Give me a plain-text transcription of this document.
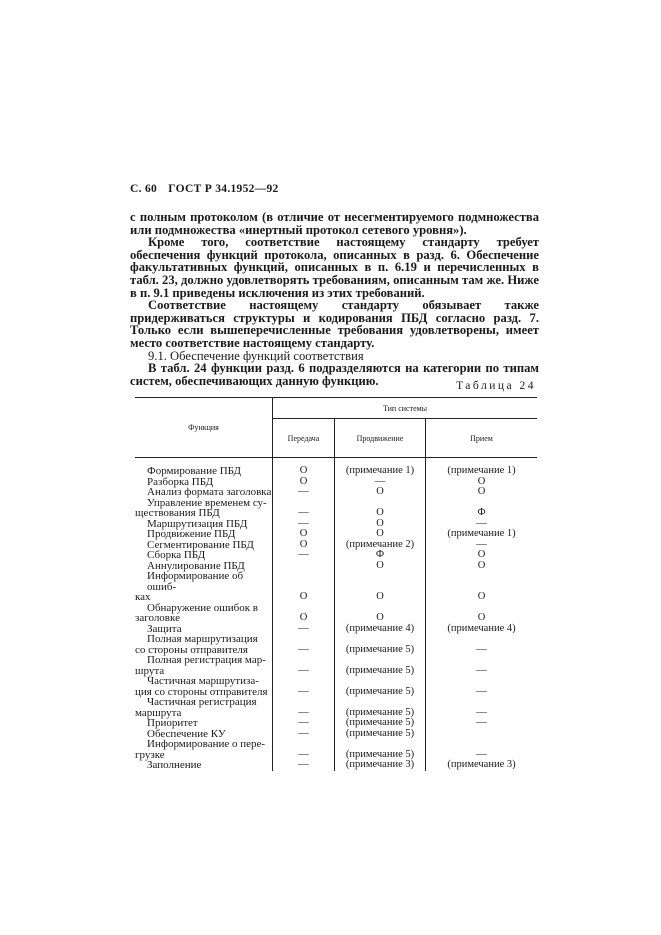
С. 60 ГОСТ Р 34.1952—92

с полным протоколом (в отличие от несегментируемого подмножества или подмножества «инертный протокол сетевого уровня»).

Кроме того, соответствие настоящему стандарту требует обеспечения функций протокола, описанных в разд. 6. Обеспечение факультативных функций, описанных в п. 6.19 и перечисленных в табл. 23, должно удовлетворять требованиям, описанным там же. Ниже в п. 9.1 приведены исключения из этих требований.

Соответствие настоящему стандарту обязывает также придерживаться структуры и кодирования ПБД согласно разд. 7. Только если вышеперечисленные требования удовлетворены, имеет место соответствие настоящему стандарту.

9.1. Обеспечение функций соответствия

В табл. 24 функции разд. 6 подразделяются на категории по типам систем, обеспечивающих данную функцию.	Таблица 24
Функция	Тип системы		
	Передача	Продвижение	Прием

Формирование ПБД	О	(примечание 1)	(примечание 1)

Разборка ПБД	О	—	О

Анализ формата заголовка	—	О	О

Управление временем су-
ществования ПБД	—	О	Ф

Маршрутизация ПБД	—	О	—

Продвижение ПБД	О	О	(примечание 1)

Сегментирование ПБД	О	(примечание 2)	—

Сборка ПБД	—	Ф	О

Аннулирование ПБД		О	О

Информирование об ошиб-
ках	О	О	О

Обнаружение ошибок в
заголовке	О	О	О

Защита	—	(примечание 4)	(примечание 4)

Полная маршрутизация
со стороны отправителя	—	(примечание 5)	—

Полная регистрация мар-
шрута	—	(примечание 5)	—

Частичная маршрутиза-
ция со стороны отправителя	—	(примечание 5)	—

Частичная регистрация
маршрута	—	(примечание 5)	—

Приоритет	—	(примечание 5)	—

Обеспечение КУ	—	(примечание 5)	

Информирование о пере-
грузке	—	(примечание 5)	—

Заполнение	—	(примечание 3)	(примечание 3)
